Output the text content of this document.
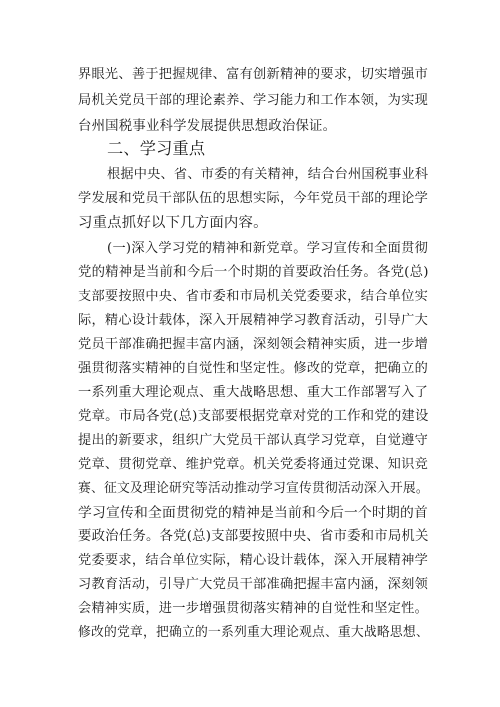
界眼光、善于把握规律、富有创新精神的要求，切实增强市
局机关党员干部的理论素养、学习能力和工作本领，为实现
台州国税事业科学发展提供思想政治保证。
二、学习重点
根据中央、省、市委的有关精神，结合台州国税事业科
学发展和党员干部队伍的思想实际，今年党员干部的理论学
习重点抓好以下几方面内容。
(一)深入学习党的精神和新党章。学习宣传和全面贯彻
党的精神是当前和今后一个时期的首要政治任务。各党(总)
支部要按照中央、省市委和市局机关党委要求，结合单位实
际，精心设计载体，深入开展精神学习教育活动，引导广大
党员干部准确把握丰富内涵，深刻领会精神实质，进一步增
强贯彻落实精神的自觉性和坚定性。修改的党章，把确立的
一系列重大理论观点、重大战略思想、重大工作部署写入了
党章。市局各党(总)支部要根据党章对党的工作和党的建设
提出的新要求，组织广大党员干部认真学习党章，自觉遵守
党章、贯彻党章、维护党章。机关党委将通过党课、知识竞
赛、征文及理论研究等活动推动学习宣传贯彻活动深入开展。
学习宣传和全面贯彻党的精神是当前和今后一个时期的首
要政治任务。各党(总)支部要按照中央、省市委和市局机关
党委要求，结合单位实际，精心设计载体，深入开展精神学
习教育活动，引导广大党员干部准确把握丰富内涵，深刻领
会精神实质，进一步增强贯彻落实精神的自觉性和坚定性。
修改的党章，把确立的一系列重大理论观点、重大战略思想、
